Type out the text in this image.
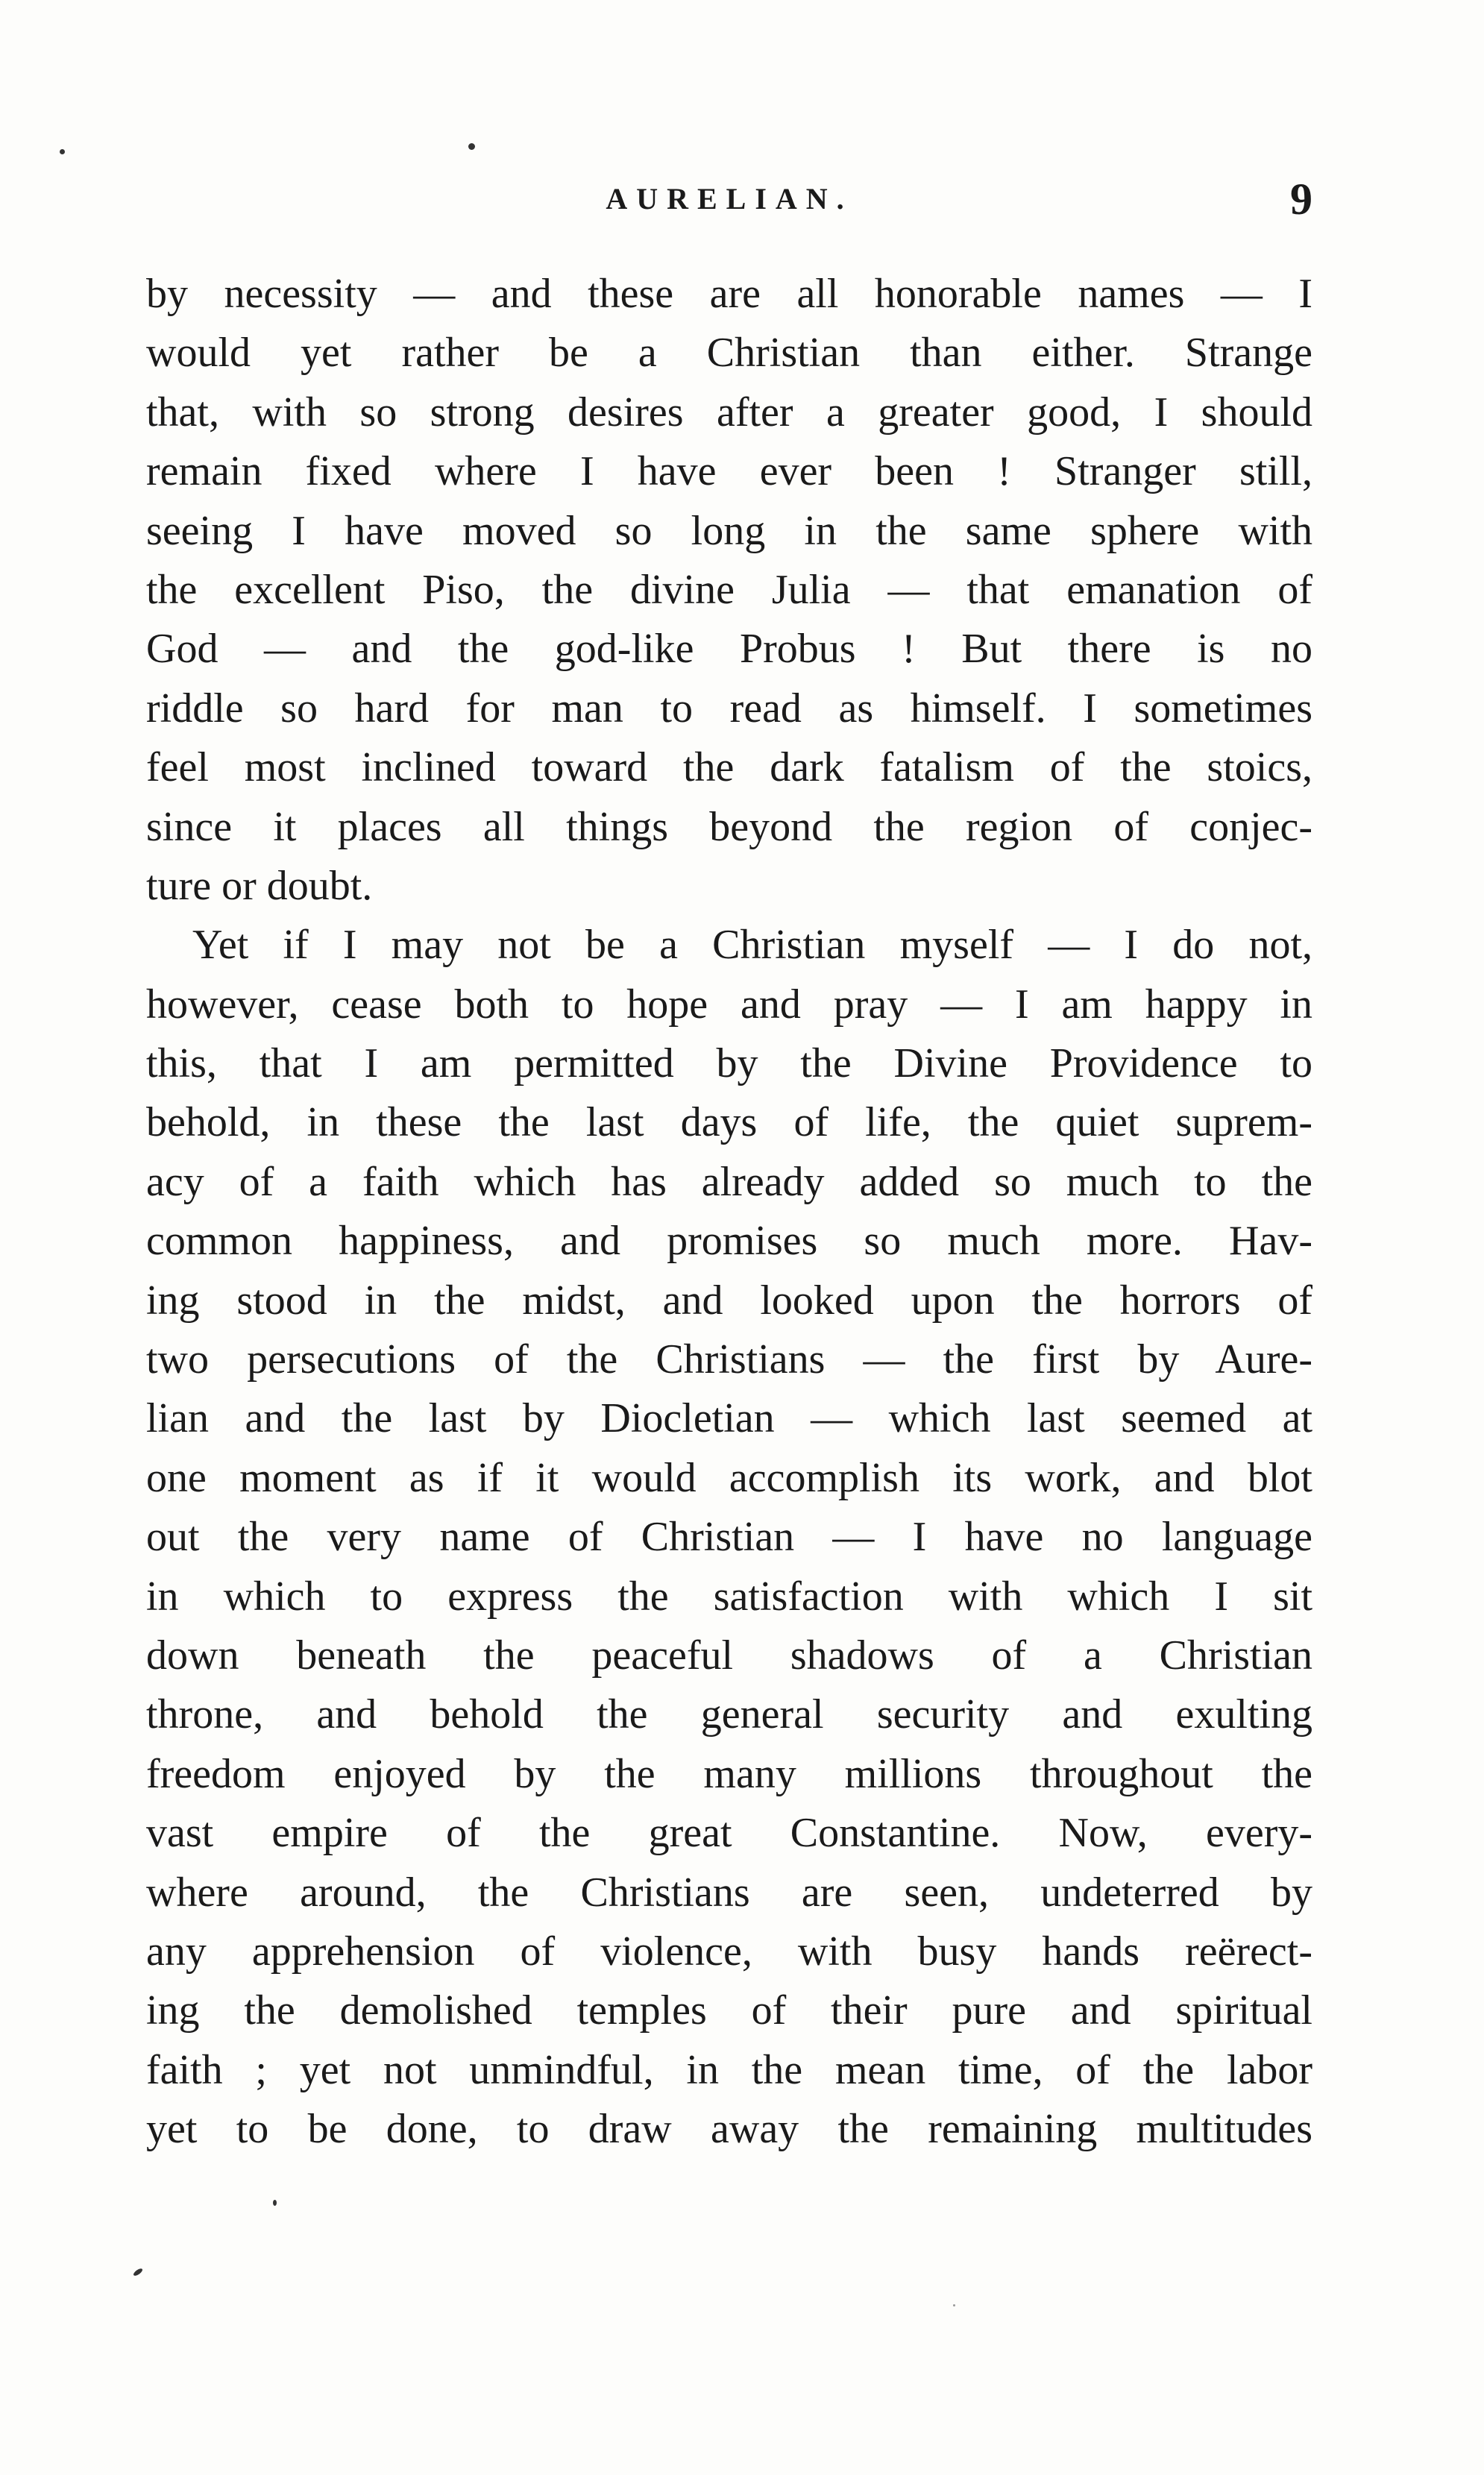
AURELIAN.	9
by necessity — and these are all honorable names — I
would yet rather be a Christian than either. Strange
that, with so strong desires after a greater good, I should
remain fixed where I have ever been ! Stranger still,
seeing I have moved so long in the same sphere with
the excellent Piso, the divine Julia — that emanation of
God — and the god-like Probus ! But there is no
riddle so hard for man to read as himself. I sometimes
feel most inclined toward the dark fatalism of the stoics,
since it places all things beyond the region of conjec-
ture or doubt.
Yet if I may not be a Christian myself — I do not,
however, cease both to hope and pray — I am happy in
this, that I am permitted by the Divine Providence to
behold, in these the last days of life, the quiet suprem-
acy of a faith which has already added so much to the
common happiness, and promises so much more. Hav-
ing stood in the midst, and looked upon the horrors of
two persecutions of the Christians — the first by Aure-
lian and the last by Diocletian — which last seemed at
one moment as if it would accomplish its work, and blot
out the very name of Christian — I have no language
in which to express the satisfaction with which I sit
down beneath the peaceful shadows of a Christian
throne, and behold the general security and exulting
freedom enjoyed by the many millions throughout the
vast empire of the great Constantine. Now, every-
where around, the Christians are seen, undeterred by
any apprehension of violence, with busy hands reërect-
ing the demolished temples of their pure and spiritual
faith ; yet not unmindful, in the mean time, of the labor
yet to be done, to draw away the remaining multitudes
